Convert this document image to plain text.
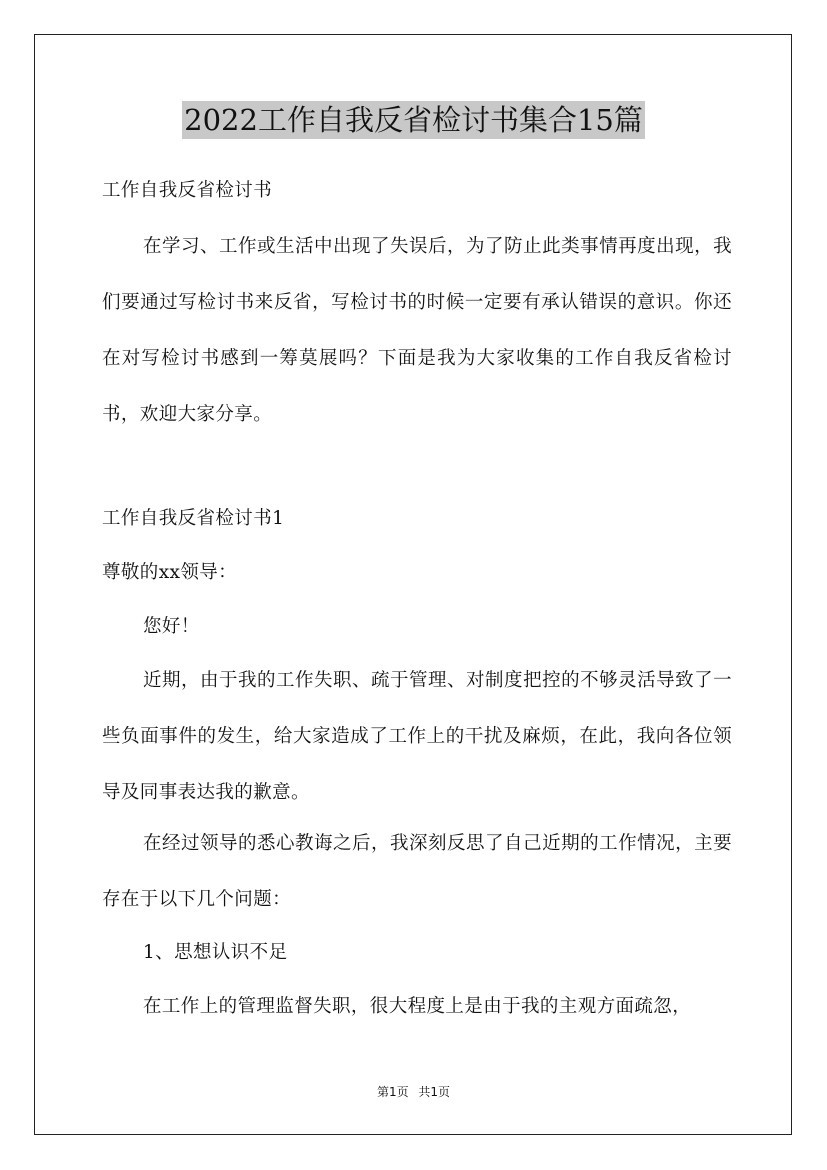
2022工作自我反省检讨书集合15篇
工作自我反省检讨书
在学习、工作或生活中出现了失误后，为了防止此类事情再度出现，我们要通过写检讨书来反省，写检讨书的时候一定要有承认错误的意识。你还在对写检讨书感到一筹莫展吗？下面是我为大家收集的工作自我反省检讨书，欢迎大家分享。
工作自我反省检讨书1
尊敬的xx领导：
您好！
近期，由于我的工作失职、疏于管理、对制度把控的不够灵活导致了一些负面事件的发生，给大家造成了工作上的干扰及麻烦，在此，我向各位领导及同事表达我的歉意。
在经过领导的悉心教诲之后，我深刻反思了自己近期的工作情况，主要存在于以下几个问题：
1、思想认识不足
在工作上的管理监督失职，很大程度上是由于我的主观方面疏忽，
第1页 共1页
